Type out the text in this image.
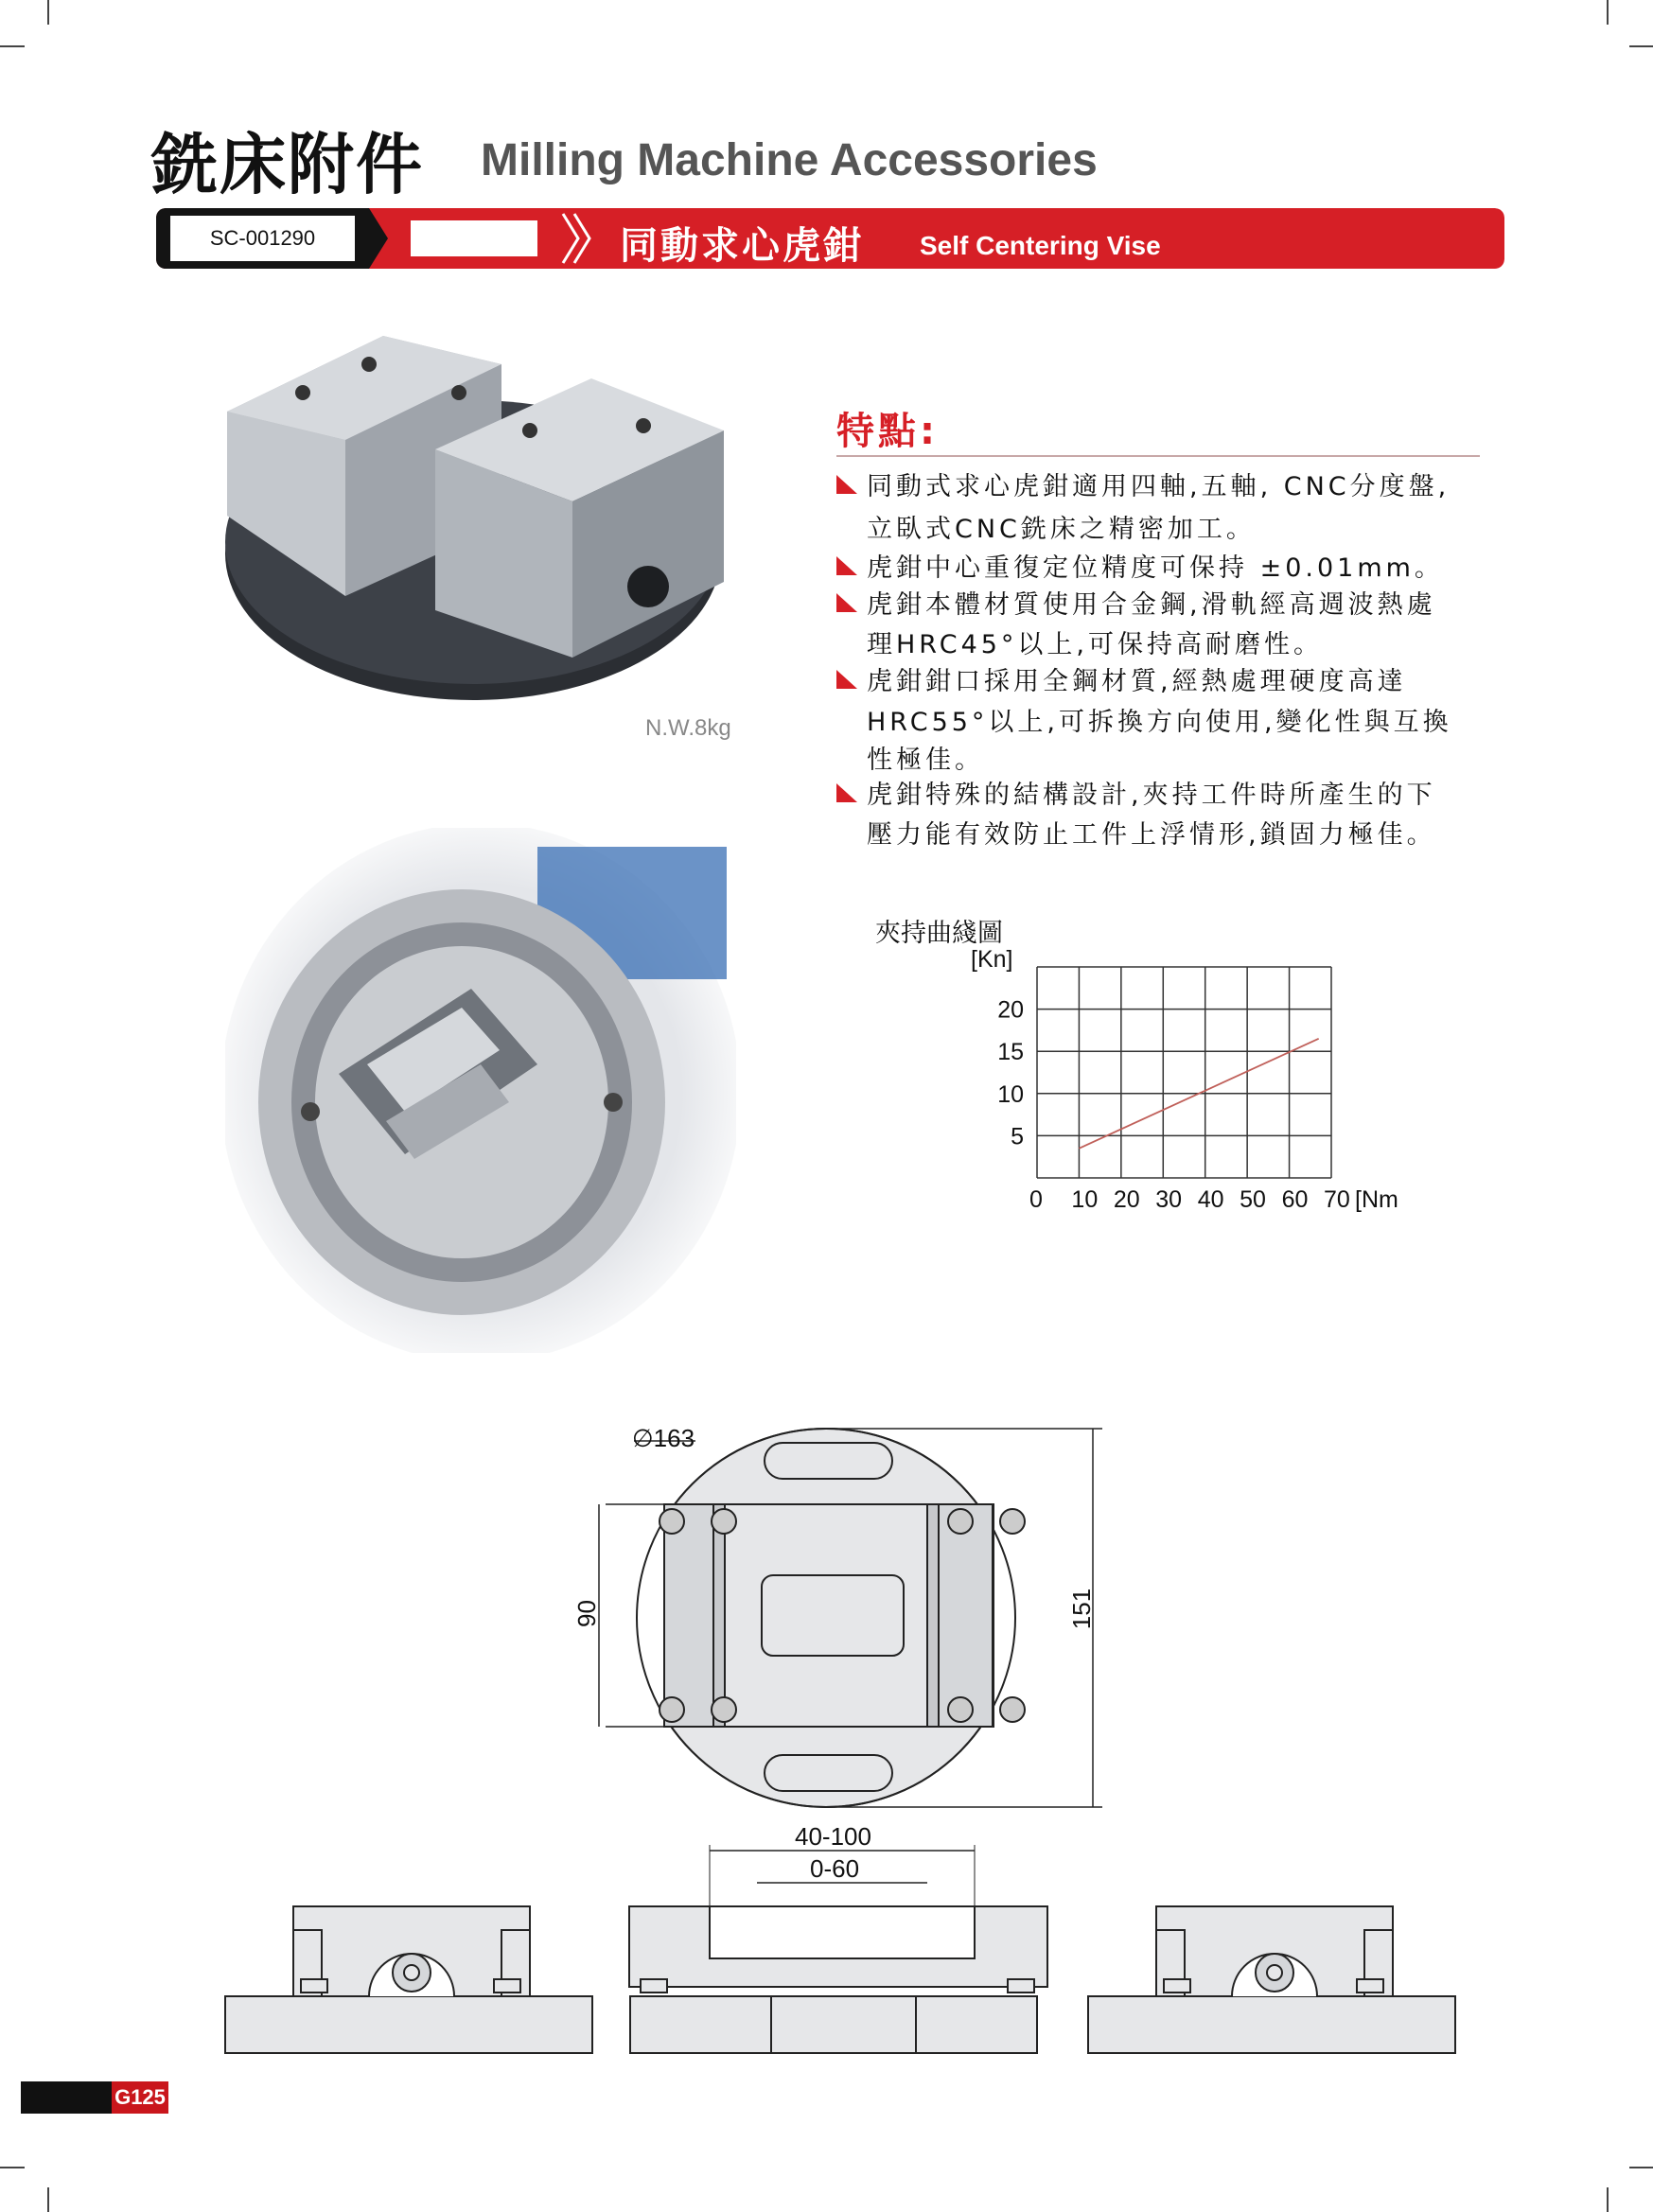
銑床附件 Milling Machine Accessories
SC-001290	同動求心虎鉗 Self Centering Vise
N.W.8kg
特點:
同動式求心虎鉗適用四軸,五軸, CNC分度盤,
立臥式CNC銑床之精密加工。
虎鉗中心重復定位精度可保持 ±0.01mm。
虎鉗本體材質使用合金鋼,滑軌經高週波熱處
理HRC45°以上,可保持高耐磨性。
虎鉗鉗口採用全鋼材質,經熱處理硬度高達
HRC55°以上,可拆換方向使用,變化性與互換
性極佳。
虎鉗特殊的結構設計,夾持工件時所產生的下
壓力能有效防止工件上浮情形,鎖固力極佳。
夾持曲綫圖
[Kn]
5
10
15
20
0 10 20 30 40 50 60 70 [Nm
∅163
90	151
40-100
0-60
G125
